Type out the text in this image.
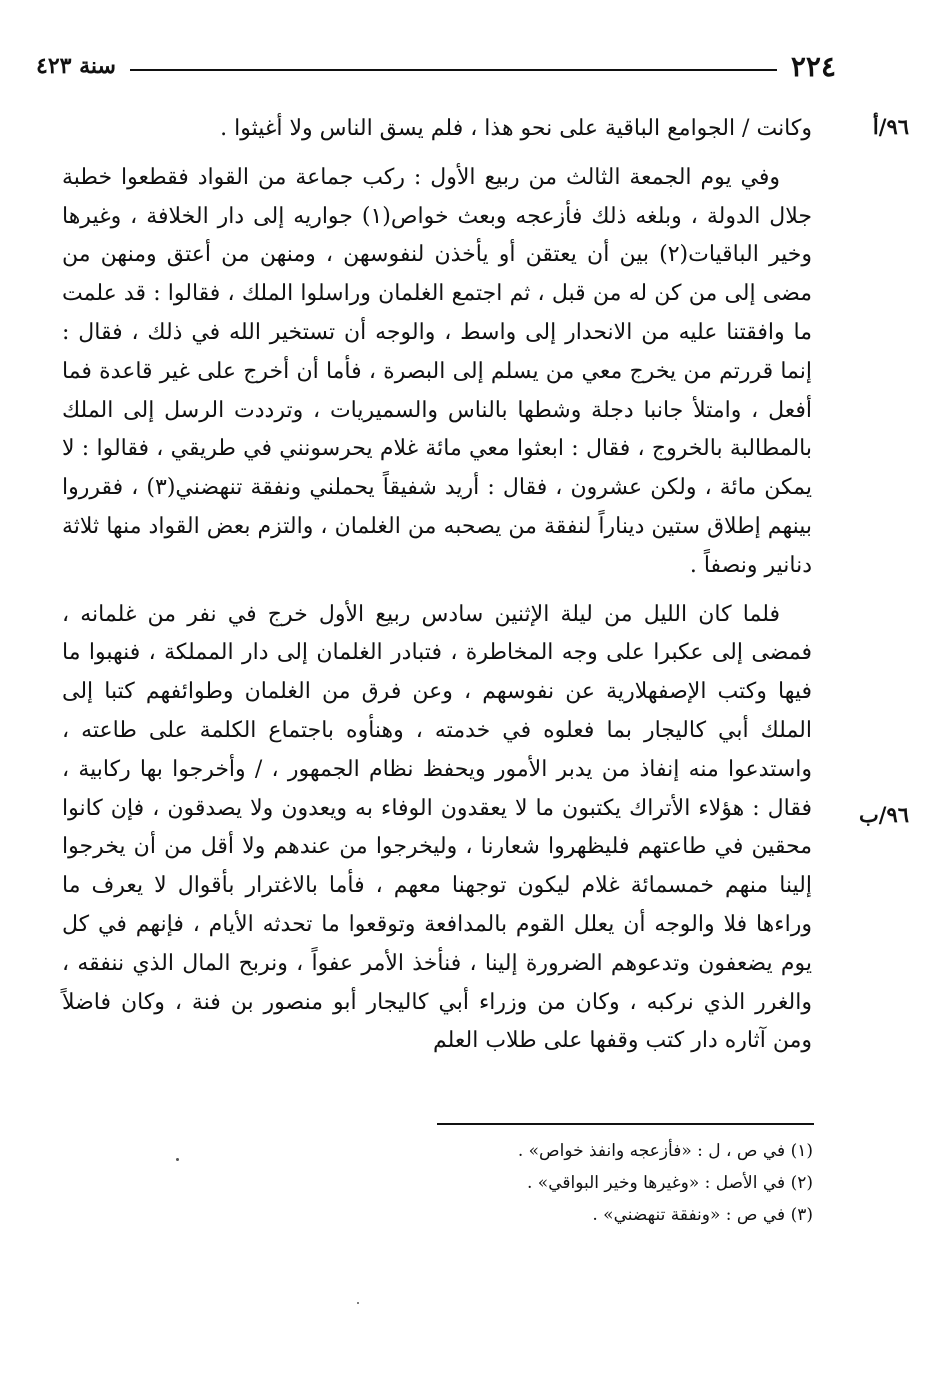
سنة ٤٢٣	٢٢٤
٩٦/أ
٩٦/ب

وكانت / الجوامع الباقية على نحو هذا ، فلم يسق الناس ولا أغيثوا .

وفي يوم الجمعة الثالث من ربيع الأول : ركب جماعة من القواد فقطعوا خطبة جلال الدولة ، وبلغه ذلك فأزعجه وبعث خواص(١) جواريه إلى دار الخلافة ، وغيرها وخير الباقيات(٢) بين أن يعتقن أو يأخذن لنفوسهن ، ومنهن من أعتق ومنهن من مضى إلى من كن له من قبل ، ثم اجتمع الغلمان وراسلوا الملك ، فقالوا : قد علمت ما وافقتنا عليه من الانحدار إلى واسط ، والوجه أن تستخير الله في ذلك ، فقال : إنما قررتم من يخرج معي من يسلم إلى البصرة ، فأما أن أخرج على غير قاعدة فما أفعل ، وامتلأ جانبا دجلة وشطها بالناس والسميريات ، وترددت الرسل إلى الملك بالمطالبة بالخروج ، فقال : ابعثوا معي مائة غلام يحرسونني في طريقي ، فقالوا : لا يمكن مائة ، ولكن عشرون ، فقال : أريد شفيقاً يحملني ونفقة تنهضني(٣) ، فقرروا بينهم إطلاق ستين ديناراً لنفقة من يصحبه من الغلمان ، والتزم بعض القواد منها ثلاثة دنانير ونصفاً .

فلما كان الليل من ليلة الإثنين سادس ربيع الأول خرج في نفر من غلمانه ، فمضى إلى عكبرا على وجه المخاطرة ، فتبادر الغلمان إلى دار المملكة ، فنهبوا ما فيها وكتب الإصفهلارية عن نفوسهم ، وعن فرق من الغلمان وطوائفهم كتبا إلى الملك أبي كاليجار بما فعلوه في خدمته ، وهنأوه باجتماع الكلمة على طاعته ، واستدعوا منه إنفاذ من يدبر الأمور ويحفظ نظام الجمهور ، / وأخرجوا بها ركابية ، فقال : هؤلاء الأتراك يكتبون ما لا يعقدون الوفاء به ويعدون ولا يصدقون ، فإن كانوا محقين في طاعتهم فليظهروا شعارنا ، وليخرجوا من عندهم ولا أقل من أن يخرجوا إلينا منهم خمسمائة غلام ليكون توجهنا معهم ، فأما بالاغترار بأقوال لا يعرف ما وراءها فلا والوجه أن يعلل القوم بالمدافعة وتوقعوا ما تحدثه الأيام ، فإنهم في كل يوم يضعفون وتدعوهم الضرورة إلينا ، فنأخذ الأمر عفواً ، ونربح المال الذي ننفقه ، والغرر الذي نركبه ، وكان من وزراء أبي كاليجار أبو منصور بن فنة ، وكان فاضلاً ومن آثاره دار كتب وقفها على طلاب العلم

(١) في ص ، ل : «فأزعجه وانفذ خواص» .
(٢) في الأصل : «وغيرها وخير البواقي» .
(٣) في ص : «ونفقة تنهضني» .
